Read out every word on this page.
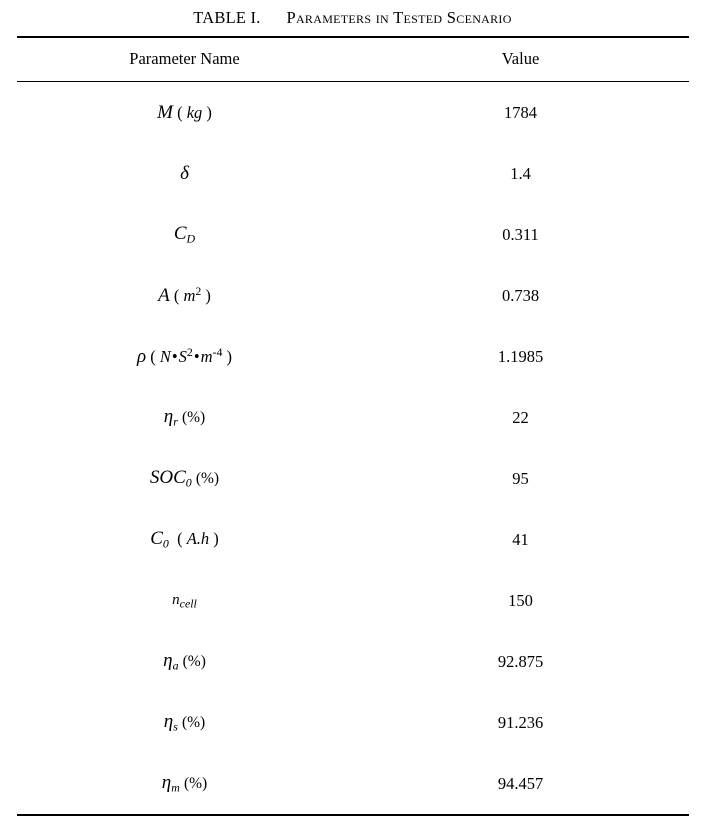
TABLE I. Parameters in Tested Scenario
Parameter Name	Value
M ( kg )	1784
δ	1.4
$C_D$	0.311
A ( $m^2$ )	0.738
ρ ( $N•S^2•m^{-4}$ )	1.1985
$\eta_r$ (%)	22
$SOC_0$ (%)	95
$C_0$  ( A.h )	41
$n_{cell}$	150
$\eta_a$ (%)	92.875
$\eta_s$ (%)	91.236
$\eta_m$ (%)	94.457
